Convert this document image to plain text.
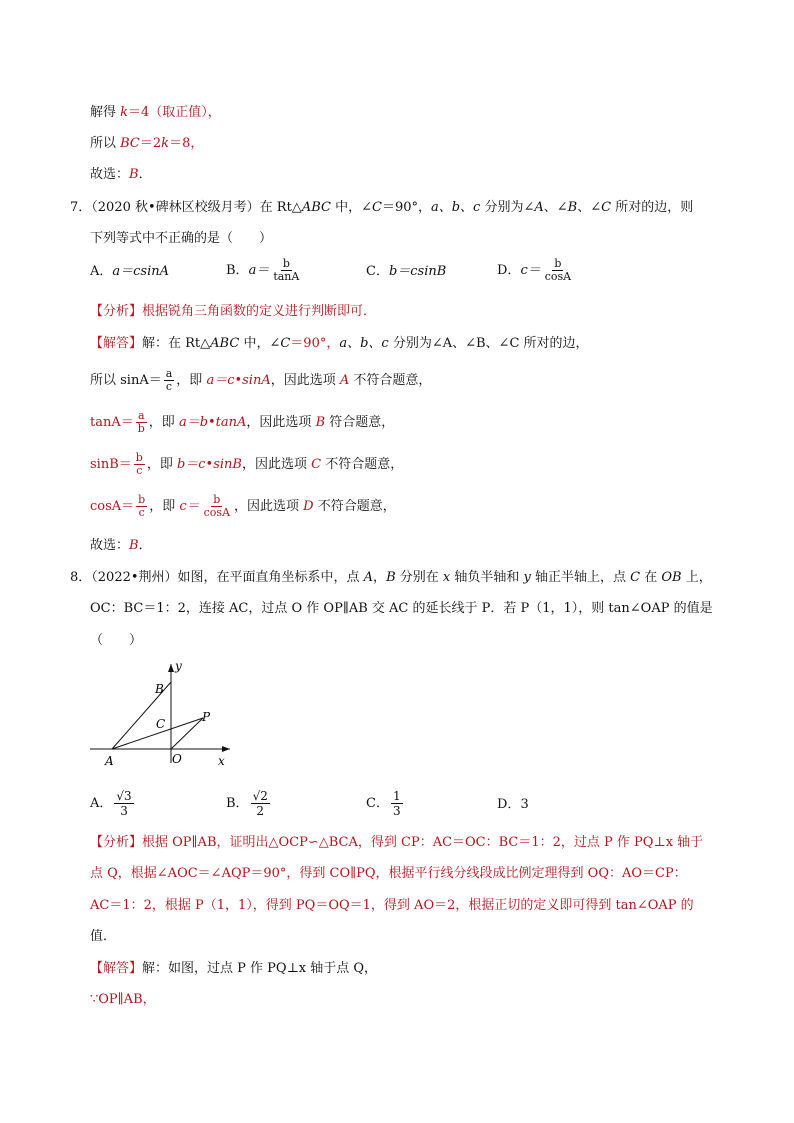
解得 k＝4（取正值），
所以 BC＝2k＝8，
故选：B．
7．（2020 秋•碑林区校级月考）在 Rt△ABC 中，∠C＝90°，a、b、c 分别为∠A、∠B、∠C 所对的边，则
下列等式中不正确的是（　　）
A．a＝csinA	B．$a= \frac{b}{\tan A}$	C．b＝csinB	D．$c= \frac{b}{\cos A}$
【分析】根据锐角三角函数的定义进行判断即可．
【解答】解：在 Rt△ABC 中，∠C＝90°，a、b、c 分别为∠A、∠B、∠C 所对的边，
所以 $\sin A= \frac{a}{c}$ ，即 a＝c•sinA，因此选项 A 不符合题意，
$\tan A= \frac{a}{b}$ ，即 a＝b•tanA，因此选项 B 符合题意，
$\sin B= \frac{b}{c}$ ，即 b＝c•sinB，因此选项 C 不符合题意，
$\cos A= \frac{b}{c}$ ，即 $c= \frac{b}{\cos A}$ ，因此选项 D 不符合题意，
故选：B．
8．（2022•荆州）如图，在平面直角坐标系中，点 A，B 分别在 x 轴负半轴和 y 轴正半轴上，点 C 在 OB 上，
OC：BC＝1：2，连接 AC，过点 O 作 OP∥AB 交 AC 的延长线于 P．若 P（1，1），则 tan∠OAP 的值是
（　　）
y
x
B
C	P
A	O
A． $\frac{√3}{3}$	B． $\frac{√2}{2}$	C． $\frac{1}{3}$	D．3
【分析】根据 OP∥AB，证明出△OCP∽△BCA，得到 CP：AC＝OC：BC＝1：2，过点 P 作 PQ⊥x 轴于
点 Q，根据∠AOC＝∠AQP＝90°，得到 CO∥PQ，根据平行线分线段成比例定理得到 OQ：AO＝CP：
AC＝1：2，根据 P（1，1），得到 PQ＝OQ＝1，得到 AO＝2，根据正切的定义即可得到 tan∠OAP 的
值．
【解答】解：如图，过点 P 作 PQ⊥x 轴于点 Q，
∵OP∥AB，
